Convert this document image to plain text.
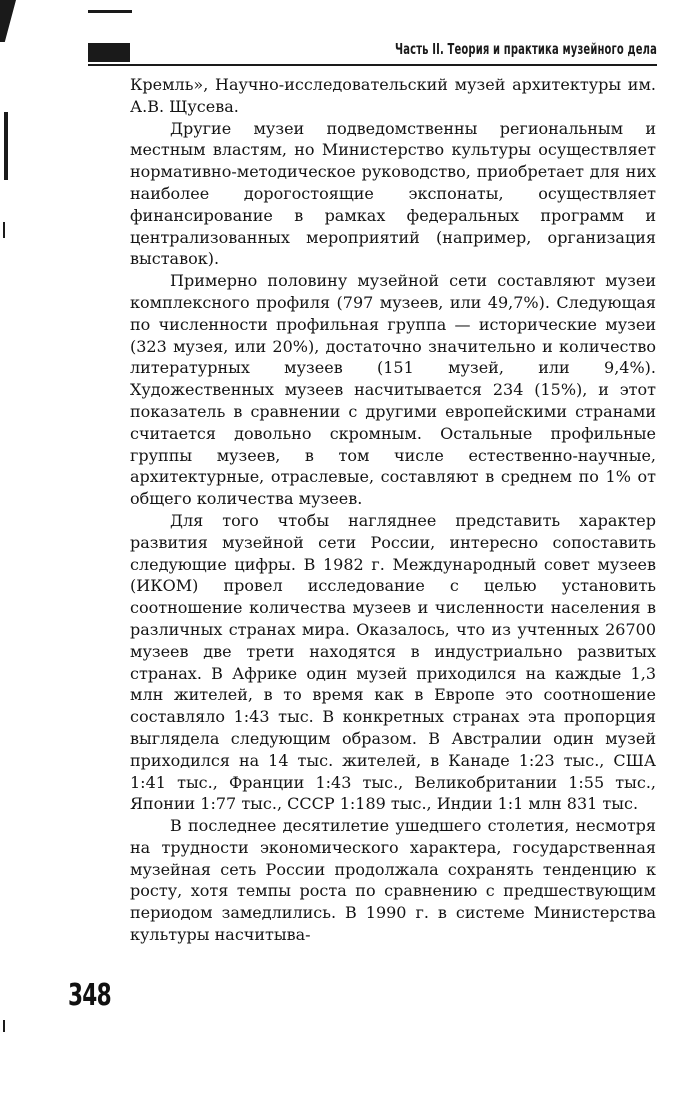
Часть II. Теория и практика музейного дела

Кремль», Научно-исследовательский музей архитектуры им. А.В. Щусева.

Другие музеи подведомственны региональным и местным властям, но Министерство культуры осуществляет нормативно-методическое руководство, приобретает для них наиболее дорогостоящие экспонаты, осуществляет финансирование в рамках федеральных программ и централизованных мероприятий (например, организация выставок).

Примерно половину музейной сети составляют музеи комплексного профиля (797 музеев, или 49,7%). Следующая по численности профильная группа — исторические музеи (323 музея, или 20%), достаточно значительно и количество литературных музеев (151 музей, или 9,4%). Художественных музеев насчитывается 234 (15%), и этот показатель в сравнении с другими европейскими странами считается довольно скромным. Остальные профильные группы музеев, в том числе естественно-научные, архитектурные, отраслевые, составляют в среднем по 1% от общего количества музеев.

Для того чтобы нагляднее представить характер развития музейной сети России, интересно сопоставить следующие цифры. В 1982 г. Международный совет музеев (ИКОМ) провел исследование с целью установить соотношение количества музеев и численности населения в различных странах мира. Оказалось, что из учтенных 26700 музеев две трети находятся в индустриально развитых странах. В Африке один музей приходился на каждые 1,3 млн жителей, в то время как в Европе это соотношение составляло 1:43 тыс. В конкретных странах эта пропорция выглядела следующим образом. В Австралии один музей приходился на 14 тыс. жителей, в Канаде 1:23 тыс., США 1:41 тыс., Франции 1:43 тыс., Великобритании 1:55 тыс., Японии 1:77 тыс., СССР 1:189 тыс., Индии 1:1 млн 831 тыс.

В последнее десятилетие ушедшего столетия, несмотря на трудности экономического характера, государственная музейная сеть России продолжала сохранять тенденцию к росту, хотя темпы роста по сравнению с предшествующим периодом замедлились. В 1990 г. в системе Министерства культуры насчитыва-

348
